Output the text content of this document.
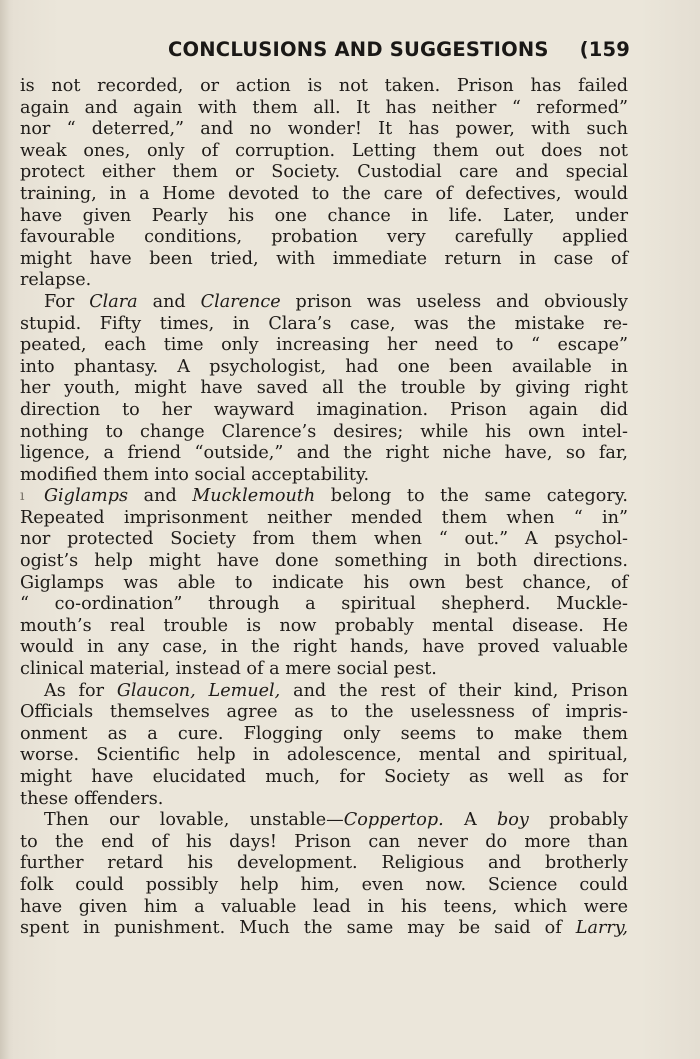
CONCLUSIONS AND SUGGESTIONS (159
is not recorded, or action is not taken. Prison has failed
again and again with them all. It has neither “ reformed”
nor “ deterred,” and no wonder! It has power, with such
weak ones, only of corruption. Letting them out does not
protect either them or Society. Custodial care and special
training, in a Home devoted to the care of defectives, would
have given Pearly his one chance in life. Later, under
favourable conditions, probation very carefully applied
might have been tried, with immediate return in case of
relapse.
For Clara and Clarence prison was useless and obviously
stupid. Fifty times, in Clara’s case, was the mistake re-
peated, each time only increasing her need to “ escape”
into phantasy. A psychologist, had one been available in
her youth, might have saved all the trouble by giving right
direction to her wayward imagination. Prison again did
nothing to change Clarence’s desires; while his own intel-
ligence, a friend “outside,” and the right niche have, so far,
modified them into social acceptability.
ı Giglamps and Mucklemouth belong to the same category.
Repeated imprisonment neither mended them when “ in”
nor protected Society from them when “ out.” A psychol-
ogist’s help might have done something in both directions.
Giglamps was able to indicate his own best chance, of
“ co-ordination” through a spiritual shepherd. Muckle-
mouth’s real trouble is now probably mental disease. He
would in any case, in the right hands, have proved valuable
clinical material, instead of a mere social pest.
As for Glaucon, Lemuel, and the rest of their kind, Prison
Officials themselves agree as to the uselessness of impris-
onment as a cure. Flogging only seems to make them
worse. Scientific help in adolescence, mental and spiritual,
might have elucidated much, for Society as well as for
these offenders.
Then our lovable, unstable—Coppertop. A boy probably
to the end of his days! Prison can never do more than
further retard his development. Religious and brotherly
folk could possibly help him, even now. Science could
have given him a valuable lead in his teens, which were
spent in punishment. Much the same may be said of Larry,
